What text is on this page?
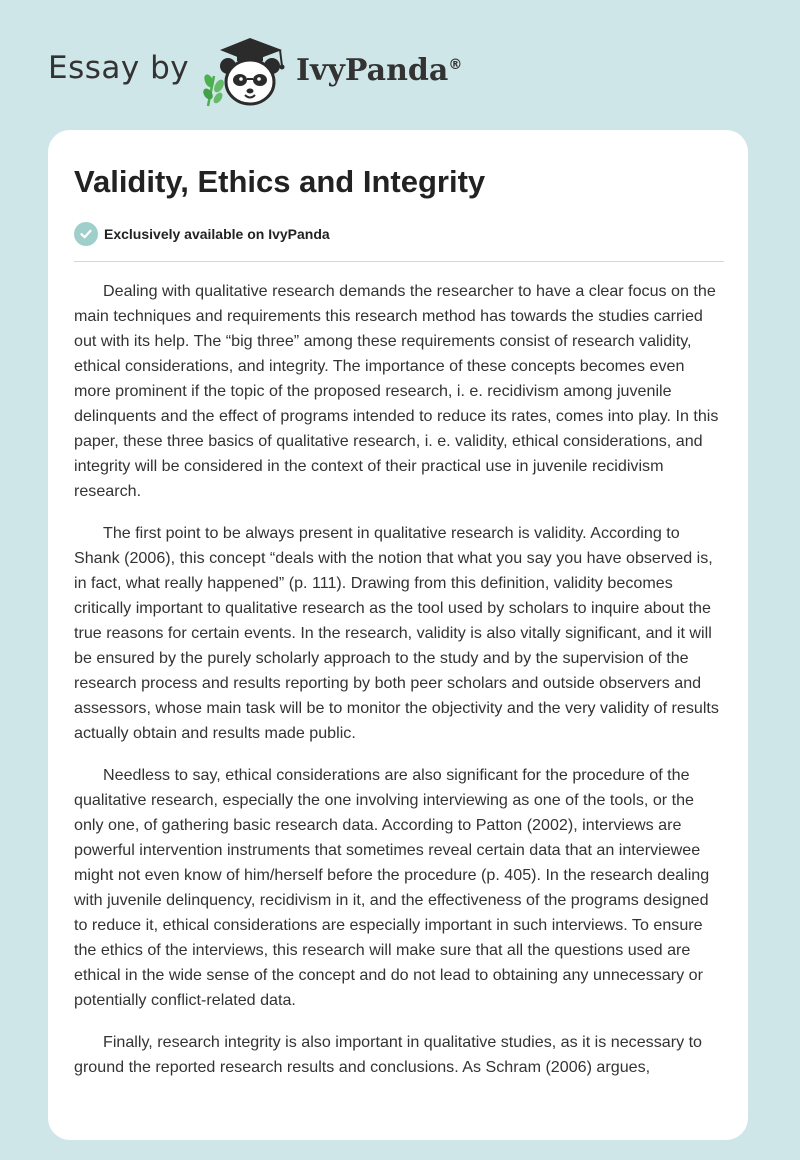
Essay by	IvyPanda®
Validity, Ethics and Integrity
Exclusively available on IvyPanda

Dealing with qualitative research demands the researcher to have a clear focus on the main techniques and requirements this research method has towards the studies carried out with its help. The “big three” among these requirements consist of research validity, ethical considerations, and integrity. The importance of these concepts becomes even more prominent if the topic of the proposed research, i. e. recidivism among juvenile delinquents and the effect of programs intended to reduce its rates, comes into play. In this paper, these three basics of qualitative research, i. e. validity, ethical considerations, and integrity will be considered in the context of their practical use in juvenile recidivism research.

The first point to be always present in qualitative research is validity. According to Shank (2006), this concept “deals with the notion that what you say you have observed is, in fact, what really happened” (p. 111). Drawing from this definition, validity becomes critically important to qualitative research as the tool used by scholars to inquire about the true reasons for certain events. In the research, validity is also vitally significant, and it will be ensured by the purely scholarly approach to the study and by the supervision of the research process and results reporting by both peer scholars and outside observers and assessors, whose main task will be to monitor the objectivity and the very validity of results actually obtain and results made public.

Needless to say, ethical considerations are also significant for the procedure of the qualitative research, especially the one involving interviewing as one of the tools, or the only one, of gathering basic research data. According to Patton (2002), interviews are powerful intervention instruments that sometimes reveal certain data that an interviewee might not even know of him/herself before the procedure (p. 405). In the research dealing with juvenile delinquency, recidivism in it, and the effectiveness of the programs designed to reduce it, ethical considerations are especially important in such interviews. To ensure the ethics of the interviews, this research will make sure that all the questions used are ethical in the wide sense of the concept and do not lead to obtaining any unnecessary or potentially conflict-related data.

Finally, research integrity is also important in qualitative studies, as it is necessary to ground the reported research results and conclusions. As Schram (2006) argues,
